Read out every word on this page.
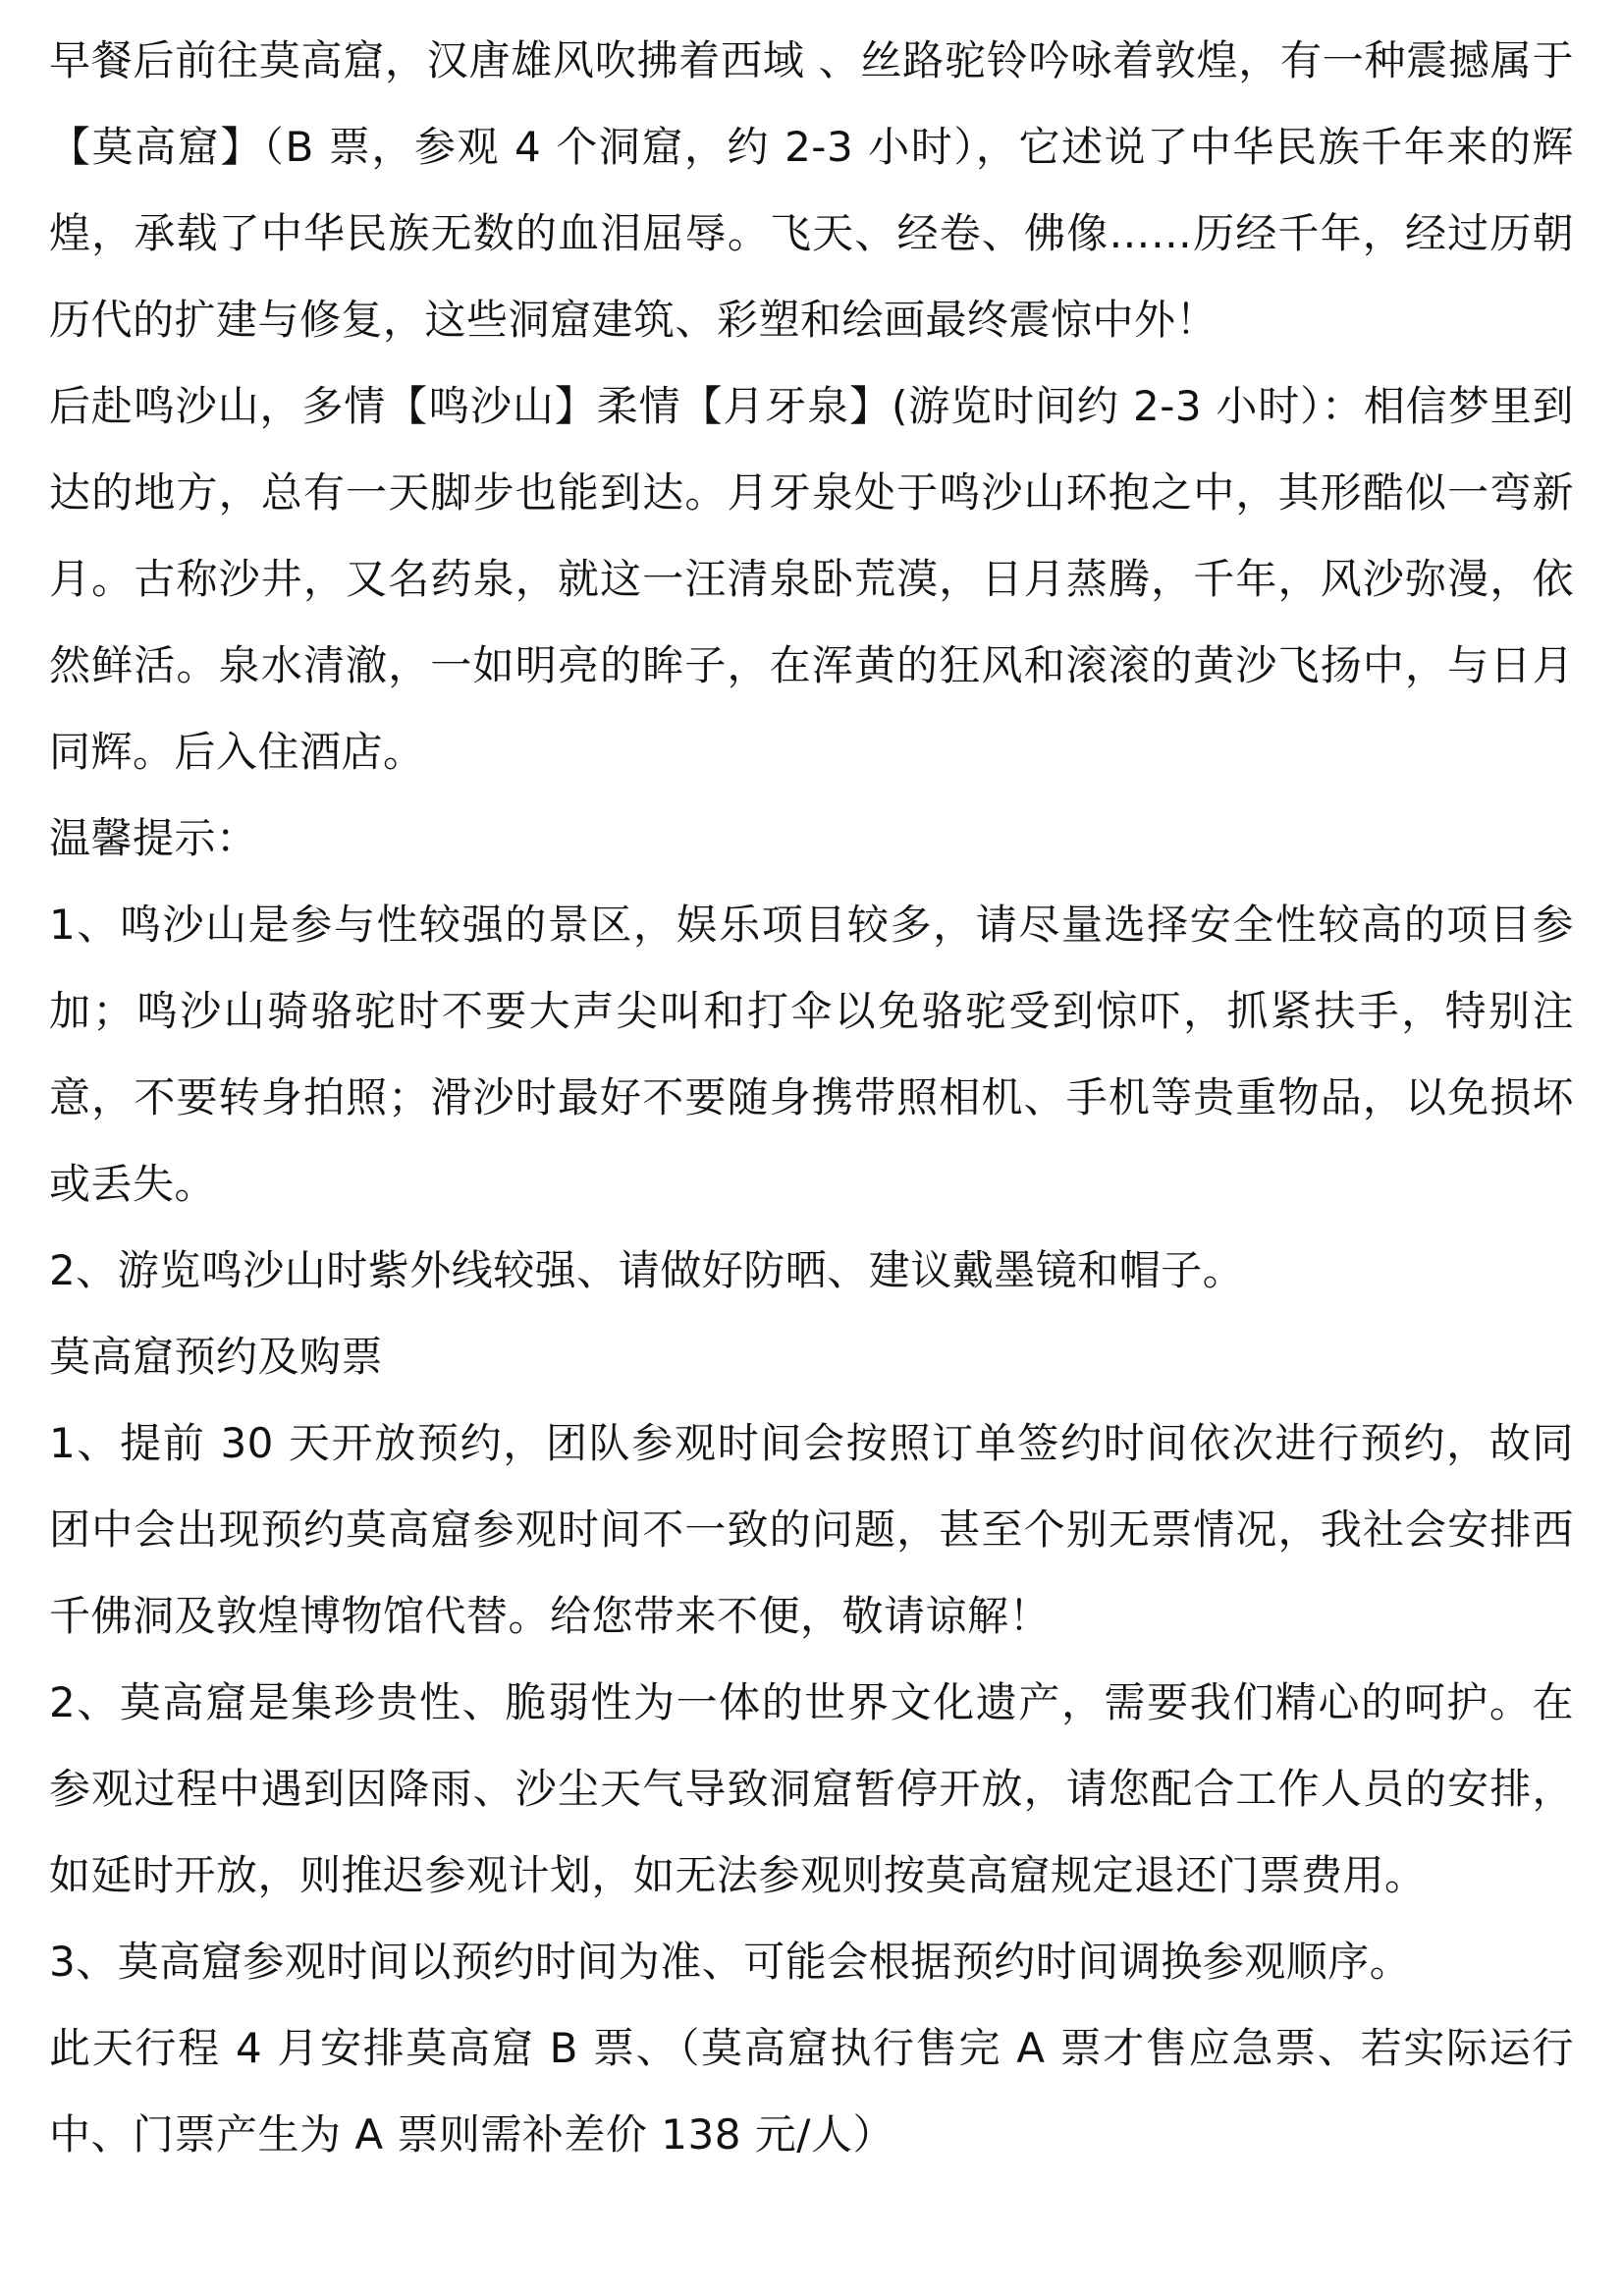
早餐后前往莫高窟，汉唐雄风吹拂着西域 、丝路驼铃吟咏着敦煌，有一种震撼属于【莫高窟】（B 票，参观 4 个洞窟，约 2-3 小时），它述说了中华民族千年来的辉煌，承载了中华民族无数的血泪屈辱。飞天、经卷、佛像……历经千年，经过历朝历代的扩建与修复，这些洞窟建筑、彩塑和绘画最终震惊中外！

后赴鸣沙山，多情【鸣沙山】柔情【月牙泉】(游览时间约 2-3 小时）：相信梦里到达的地方，总有一天脚步也能到达。月牙泉处于鸣沙山环抱之中，其形酷似一弯新月。古称沙井，又名药泉，就这一汪清泉卧荒漠，日月蒸腾，千年，风沙弥漫，依然鲜活。泉水清澈，一如明亮的眸子，在浑黄的狂风和滚滚的黄沙飞扬中，与日月同辉。后入住酒店。

温馨提示：

1、鸣沙山是参与性较强的景区，娱乐项目较多，请尽量选择安全性较高的项目参加；鸣沙山骑骆驼时不要大声尖叫和打伞以免骆驼受到惊吓，抓紧扶手，特别注意，不要转身拍照；滑沙时最好不要随身携带照相机、手机等贵重物品，以免损坏或丢失。

2、游览鸣沙山时紫外线较强、请做好防晒、建议戴墨镜和帽子。

莫高窟预约及购票

1、提前 30 天开放预约，团队参观时间会按照订单签约时间依次进行预约，故同团中会出现预约莫高窟参观时间不一致的问题，甚至个别无票情况，我社会安排西千佛洞及敦煌博物馆代替。给您带来不便，敬请谅解！

2、莫高窟是集珍贵性、脆弱性为一体的世界文化遗产，需要我们精心的呵护。在参观过程中遇到因降雨、沙尘天气导致洞窟暂停开放，请您配合工作人员的安排，如延时开放，则推迟参观计划，如无法参观则按莫高窟规定退还门票费用。

3、莫高窟参观时间以预约时间为准、可能会根据预约时间调换参观顺序。

此天行程 4 月安排莫高窟 B 票、（莫高窟执行售完 A 票才售应急票、若实际运行中、门票产生为 A 票则需补差价 138 元/人）
